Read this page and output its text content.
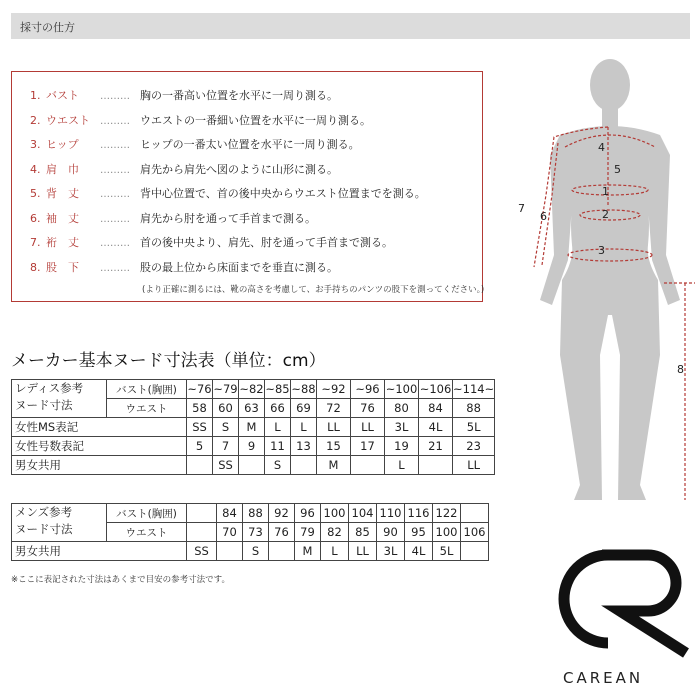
採寸の仕方
(より正確に測るには、靴の高さを考慮して、お手持ちのパンツの股下を測ってください。)
1. バスト ……… 胸の一番高い位置を水平に一周り測る。
2. ウエスト ……… ウエストの一番細い位置を水平に一周り測る。
3. ヒップ ……… ヒップの一番太い位置を水平に一周り測る。
4. 肩　巾 ……… 肩先から肩先へ図のように山形に測る。
5. 背　丈 ……… 背中心位置で、首の後中央からウエスト位置までを測る。
6. 袖　丈 ……… 肩先から肘を通って手首まで測る。
7. 裄　丈 ……… 首の後中央より、肩先、肘を通って手首まで測る。
8. 股　下 ……… 股の最上位から床面までを垂直に測る。
メーカー基本ヌード寸法表（単位：cm）
レディス参考
ヌード寸法	バスト(胸囲)	~76	~79	~82	~85	~88	~92	~96	~100	~106	~114~
	ウエスト	58	60	63	66	69	72	76	80	84	88
女性MS表記		SS	S	M	L	L	LL	LL	3L	4L	5L
女性号数表記		5	7	9	11	13	15	17	19	21	23
男女共用			SS		S		M		L		LL
メンズ参考
ヌード寸法	バスト(胸囲)		84	88	92	96	100	104	110	116	122	
	ウエスト		70	73	76	79	82	85	90	95	100	106
男女共用		SS		S		M	L	LL	3L	4L	5L	
※ここに表記された寸法はあくまで目安の参考寸法です。
4
5
1
2
3
6
7
8
CAREAN
